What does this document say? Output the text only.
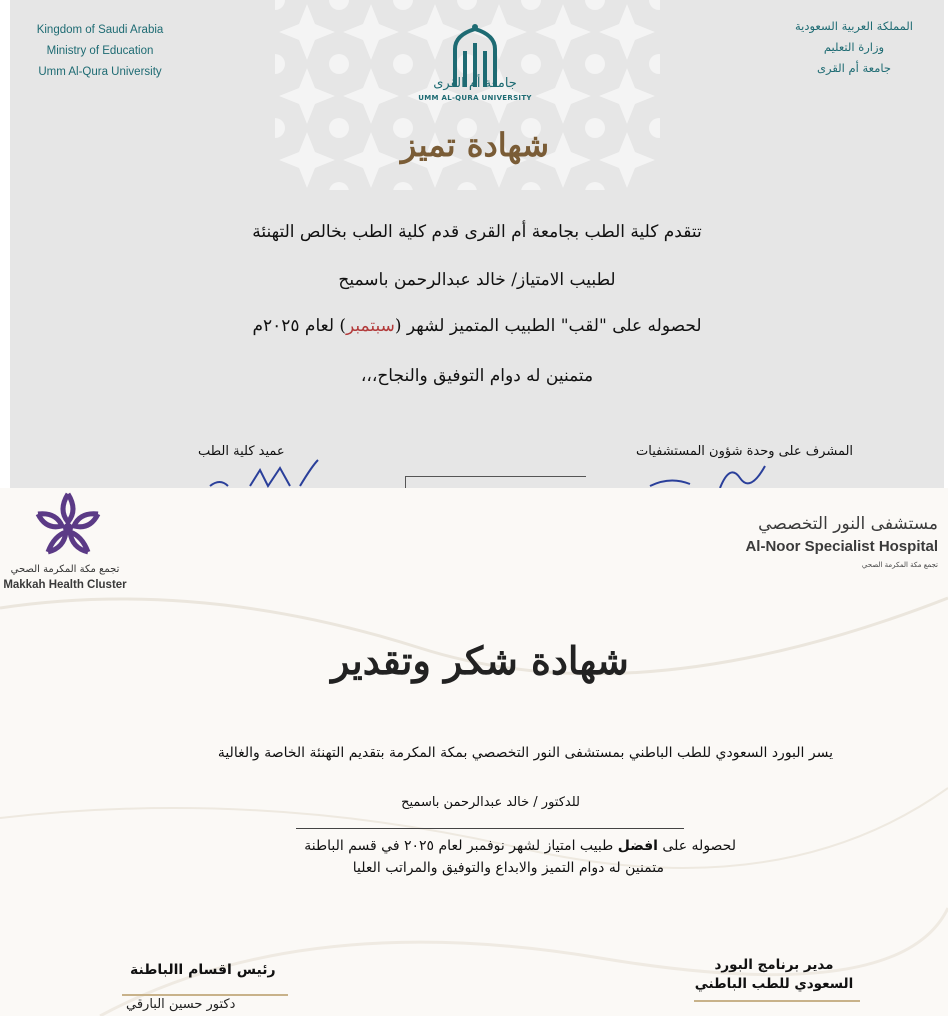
Kingdom of Saudi Arabia
Ministry of Education
Umm Al-Qura University
المملكة العربية السعودية
وزارة التعليم
جامعة أم القرى
جامعة أم القرى
UMM AL-QURA UNIVERSITY
شهادة تميز
تتقدم كلية الطب بجامعة أم القرى قدم كلية الطب بخالص التهنئة
لطبيب الامتياز/ خالد عبدالرحمن باسميح
لحصوله على "لقب" الطبيب المتميز لشهر (سبتمبر) لعام ٢٠٢٥م
متمنين له دوام التوفيق والنجاح،،،
المشرف على وحدة شؤون المستشفيات
عميد كلية الطب
تجمع مكة المكرمة الصحي
Makkah Health Cluster
مستشفى النور التخصصي
Al-Noor Specialist Hospital
تجمع مكة المكرمة الصحي
شهادة شكر وتقدير
يسر البورد السعودي للطب الباطني بمستشفى النور التخصصي بمكة المكرمة بتقديم التهنئة الخاصة والغالية
للدكتور / خالد عبدالرحمن باسميح
لحصوله على افضل طبيب امتياز لشهر نوفمبر لعام ٢٠٢٥ في قسم الباطنة
متمنين له دوام التميز والابداع والتوفيق والمراتب العليا
رئيس اقسام االباطنة
دكتور حسين البارقي
مدير برنامج البورد
السعودي للطب الباطني
